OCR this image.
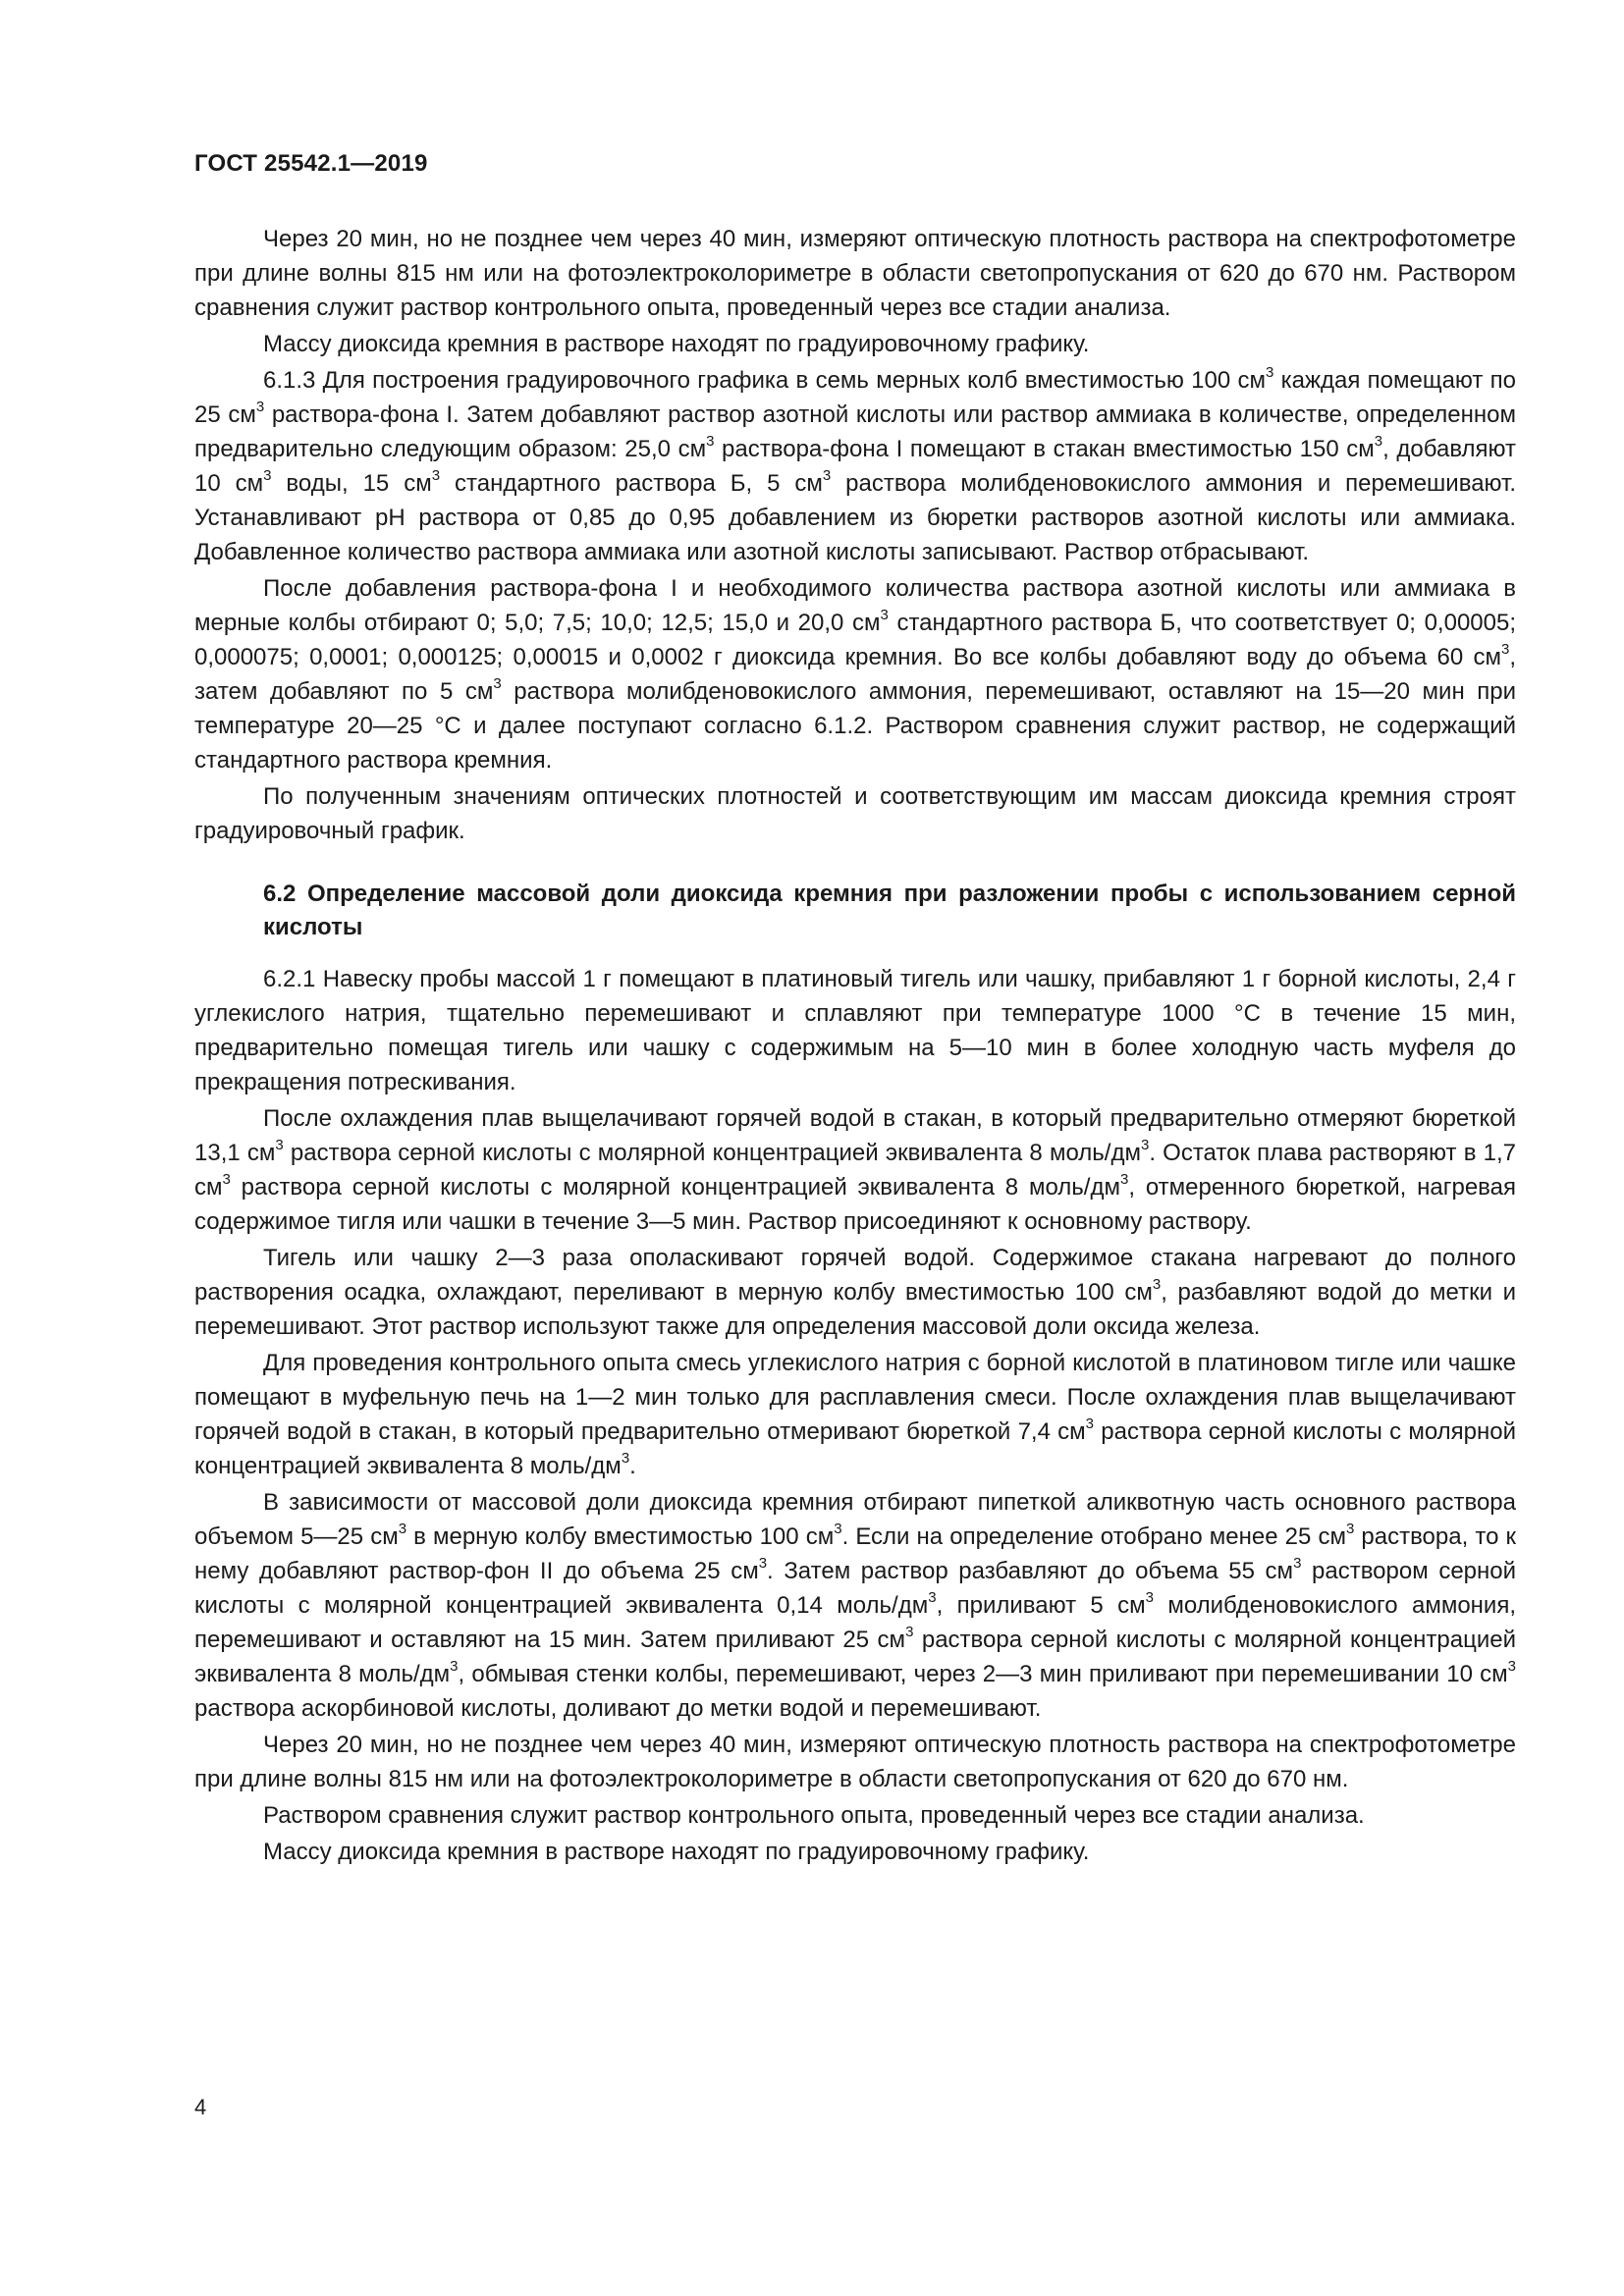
ГОСТ 25542.1—2019

Через 20 мин, но не позднее чем через 40 мин, измеряют оптическую плотность раствора на спектрофотометре при длине волны 815 нм или на фотоэлектроколориметре в области светопропускания от 620 до 670 нм. Раствором сравнения служит раствор контрольного опыта, проведенный через все стадии анализа.

Массу диоксида кремния в растворе находят по градуировочному графику.

6.1.3 Для построения градуировочного графика в семь мерных колб вместимостью 100 $см^3$ каждая помещают по 25 $см^3$ раствора-фона I. Затем добавляют раствор азотной кислоты или раствор аммиака в количестве, определенном предварительно следующим образом: 25,0 $см^3$ раствора-фона I помещают в стакан вместимостью 150 $см^3$, добавляют 10 $см^3$ воды, 15 $см^3$ стандартного раствора Б, 5 $см^3$ раствора молибденовокислого аммония и перемешивают. Устанавливают pH раствора от 0,85 до 0,95 добавлением из бюретки растворов азотной кислоты или аммиака. Добавленное количество раствора аммиака или азотной кислоты записывают. Раствор отбрасывают.

После добавления раствора-фона I и необходимого количества раствора азотной кислоты или аммиака в мерные колбы отбирают 0; 5,0; 7,5; 10,0; 12,5; 15,0 и 20,0 $см^3$ стандартного раствора Б, что соответствует 0; 0,00005; 0,000075; 0,0001; 0,000125; 0,00015 и 0,0002 г диоксида кремния. Во все колбы добавляют воду до объема 60 $см^3$, затем добавляют по 5 $см^3$ раствора молибденовокислого аммония, перемешивают, оставляют на 15—20 мин при температуре 20—25 °С и далее поступают согласно 6.1.2. Раствором сравнения служит раствор, не содержащий стандартного раствора кремния.

По полученным значениям оптических плотностей и соответствующим им массам диоксида кремния строят градуировочный график.

6.2 Определение массовой доли диоксида кремния при разложении пробы с использованием серной кислоты

6.2.1 Навеску пробы массой 1 г помещают в платиновый тигель или чашку, прибавляют 1 г борной кислоты, 2,4 г углекислого натрия, тщательно перемешивают и сплавляют при температуре 1000 °С в течение 15 мин, предварительно помещая тигель или чашку с содержимым на 5—10 мин в более холодную часть муфеля до прекращения потрескивания.

После охлаждения плав выщелачивают горячей водой в стакан, в который предварительно отмеряют бюреткой 13,1 $см^3$ раствора серной кислоты с молярной концентрацией эквивалента 8 моль/$дм^3$. Остаток плава растворяют в 1,7 $см^3$ раствора серной кислоты с молярной концентрацией эквивалента 8 моль/$дм^3$, отмеренного бюреткой, нагревая содержимое тигля или чашки в течение 3—5 мин. Раствор присоединяют к основному раствору.

Тигель или чашку 2—3 раза ополаскивают горячей водой. Содержимое стакана нагревают до полного растворения осадка, охлаждают, переливают в мерную колбу вместимостью 100 $см^3$, разбавляют водой до метки и перемешивают. Этот раствор используют также для определения массовой доли оксида железа.

Для проведения контрольного опыта смесь углекислого натрия с борной кислотой в платиновом тигле или чашке помещают в муфельную печь на 1—2 мин только для расплавления смеси. После охлаждения плав выщелачивают горячей водой в стакан, в который предварительно отмеривают бюреткой 7,4 $см^3$ раствора серной кислоты с молярной концентрацией эквивалента 8 моль/$дм^3$.

В зависимости от массовой доли диоксида кремния отбирают пипеткой аликвотную часть основного раствора объемом 5—25 $см^3$ в мерную колбу вместимостью 100 $см^3$. Если на определение отобрано менее 25 $см^3$ раствора, то к нему добавляют раствор-фон II до объема 25 $см^3$. Затем раствор разбавляют до объема 55 $см^3$ раствором серной кислоты с молярной концентрацией эквивалента 0,14 моль/$дм^3$, приливают 5 $см^3$ молибденовокислого аммония, перемешивают и оставляют на 15 мин. Затем приливают 25 $см^3$ раствора серной кислоты с молярной концентрацией эквивалента 8 моль/$дм^3$, обмывая стенки колбы, перемешивают, через 2—3 мин приливают при перемешивании 10 $см^3$ раствора аскорбиновой кислоты, доливают до метки водой и перемешивают.

Через 20 мин, но не позднее чем через 40 мин, измеряют оптическую плотность раствора на спектрофотометре при длине волны 815 нм или на фотоэлектроколориметре в области светопропускания от 620 до 670 нм.

Раствором сравнения служит раствор контрольного опыта, проведенный через все стадии анализа.

Массу диоксида кремния в растворе находят по градуировочному графику.

4
